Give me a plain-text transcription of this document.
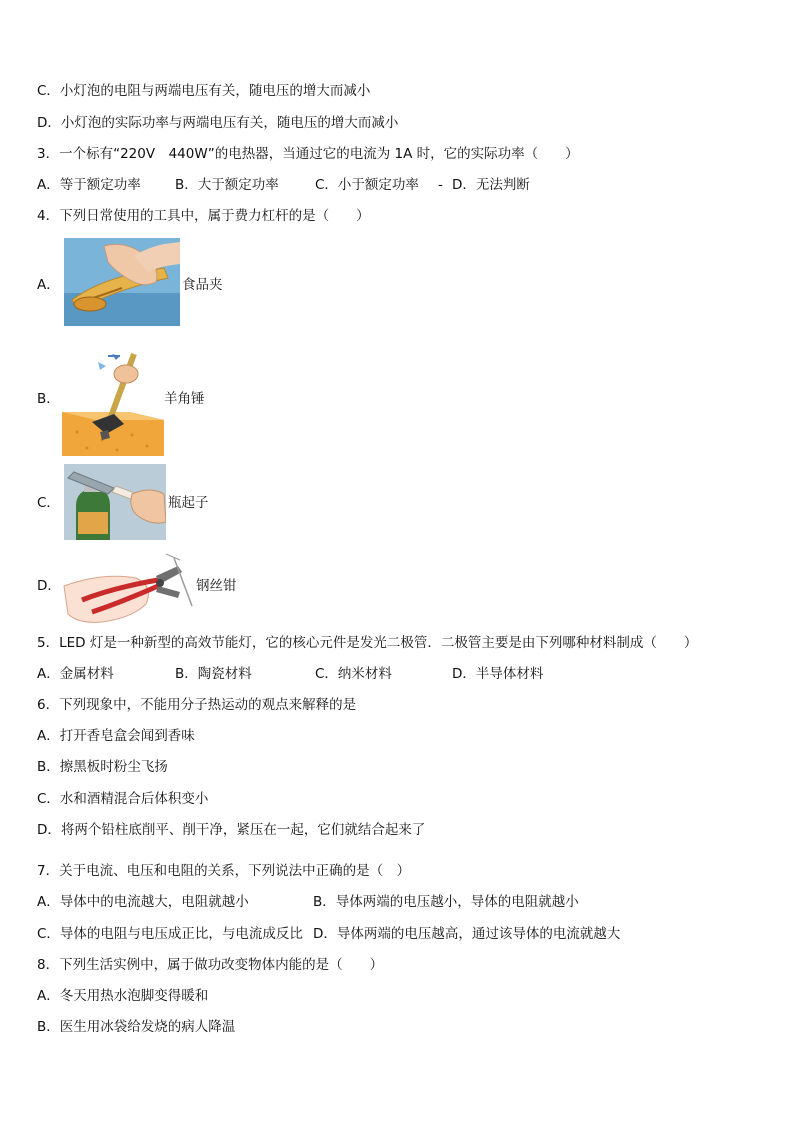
C．小灯泡的电阻与两端电压有关，随电压的增大而减小
D．小灯泡的实际功率与两端电压有关，随电压的增大而减小
3．一个标有“220V　440W”的电热器，当通过它的电流为 1A 时，它的实际功率（　　）
A．等于额定功率	B．大于额定功率	C．小于额定功率 - D．无法判断
4．下列日常使用的工具中，属于费力杠杆的是（　　）
A．	食品夹
B．	羊角锤
C．	瓶起子
D．	钢丝钳
5．LED 灯是一种新型的高效节能灯，它的核心元件是发光二极管．二极管主要是由下列哪种材料制成（　　）
A．金属材料	B．陶瓷材料	C．纳米材料	D．半导体材料
6．下列现象中，不能用分子热运动的观点来解释的是
A．打开香皂盒会闻到香味
B．擦黑板时粉尘飞扬
C．水和酒精混合后体积变小
D．将两个铅柱底削平、削干净，紧压在一起，它们就结合起来了
7．关于电流、电压和电阻的关系，下列说法中正确的是（　）
A．导体中的电流越大，电阻就越小	B．导体两端的电压越小，导体的电阻就越小
C．导体的电阻与电压成正比，与电流成反比 D．导体两端的电压越高，通过该导体的电流就越大
8．下列生活实例中，属于做功改变物体内能的是（　　）
A．冬天用热水泡脚变得暖和
B．医生用冰袋给发烧的病人降温
